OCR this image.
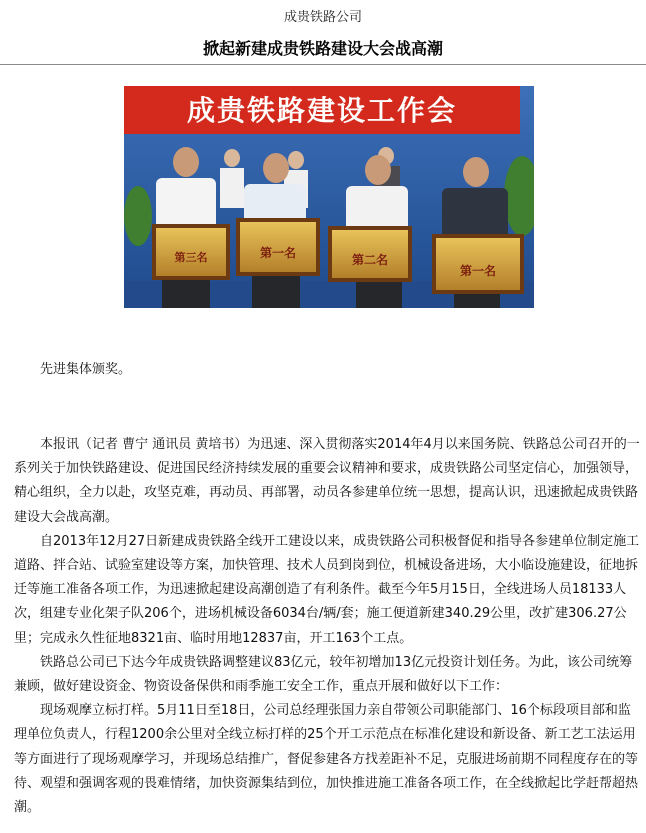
成贵铁路公司
掀起新建成贵铁路建设大会战高潮
成贵铁路建设工作会
第三名	第一名	第二名
第一名
先进集体颁奖。

本报讯（记者 曹宁 通讯员 黄培书）为迅速、深入贯彻落实2014年4月以来国务院、铁路总公司召开的一系列关于加快铁路建设、促进国民经济持续发展的重要会议精神和要求，成贵铁路公司坚定信心，加强领导，精心组织，全力以赴，攻坚克难，再动员、再部署，动员各参建单位统一思想，提高认识，迅速掀起成贵铁路建设大会战高潮。

自2013年12月27日新建成贵铁路全线开工建设以来，成贵铁路公司积极督促和指导各参建单位制定施工道路、拌合站、试验室建设等方案，加快管理、技术人员到岗到位，机械设备进场，大小临设施建设，征地拆迁等施工准备各项工作，为迅速掀起建设高潮创造了有利条件。截至今年5月15日，全线进场人员18133人次，组建专业化架子队206个，进场机械设备6034台/辆/套；施工便道新建340.29公里，改扩建306.27公里；完成永久性征地8321亩、临时用地12837亩，开工163个工点。

铁路总公司已下达今年成贵铁路调整建议83亿元，较年初增加13亿元投资计划任务。为此，该公司统筹兼顾，做好建设资金、物资设备保供和雨季施工安全工作，重点开展和做好以下工作：

现场观摩立标打样。5月11日至18日，公司总经理张国力亲自带领公司职能部门、16个标段项目部和监理单位负责人，行程1200余公里对全线立标打样的25个开工示范点在标准化建设和新设备、新工艺工法运用等方面进行了现场观摩学习，并现场总结推广，督促参建各方找差距补不足，克服进场前期不同程度存在的等待、观望和强调客观的畏难情绪，加快资源集结到位，加快推进施工准备各项工作，在全线掀起比学赶帮超热潮。
